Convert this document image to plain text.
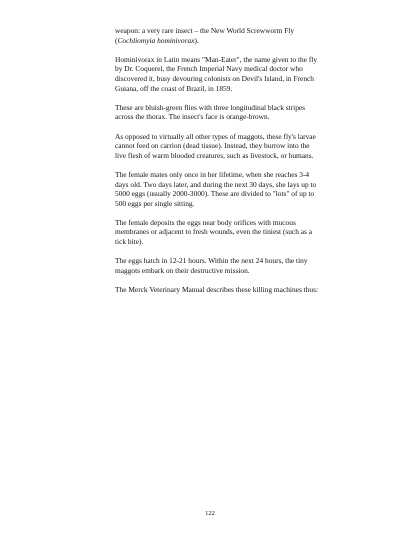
weapon: a very rare insect – the New World Screwworm Fly (Cochliomyia hominivorax).

Hominivorax in Latin means "Man-Eater", the name given to the fly by Dr. Coquerel, the French Imperial Navy medical doctor who discovered it, busy devouring colonists on Devil's Island, in French Guiana, off the coast of Brazil, in 1859.

These are bluish-green flies with three longitudinal black stripes across the thorax. The insect's face is orange-brown.

As opposed to virtually all other types of maggots, these fly's larvae cannot feed on carrion (dead tissue). Instead, they burrow into the live flesh of warm blooded creatures, such as livestock, or humans.

The female mates only once in her lifetime, when she reaches 3-4 days old. Two days later, and during the next 30 days, she lays up to 5000 eggs (usually 2000-3000). These are divided to "lots" of up to 500 eggs per single sitting.

The female deposits the eggs near body orifices with mucous membranes or adjacent to fresh wounds, even the tiniest (such as a tick bite).

The eggs hatch in 12-21 hours. Within the next 24 hours, the tiny maggots embark on their destructive mission.

The Merck Veterinary Manual describes these killing machines thus:

122
